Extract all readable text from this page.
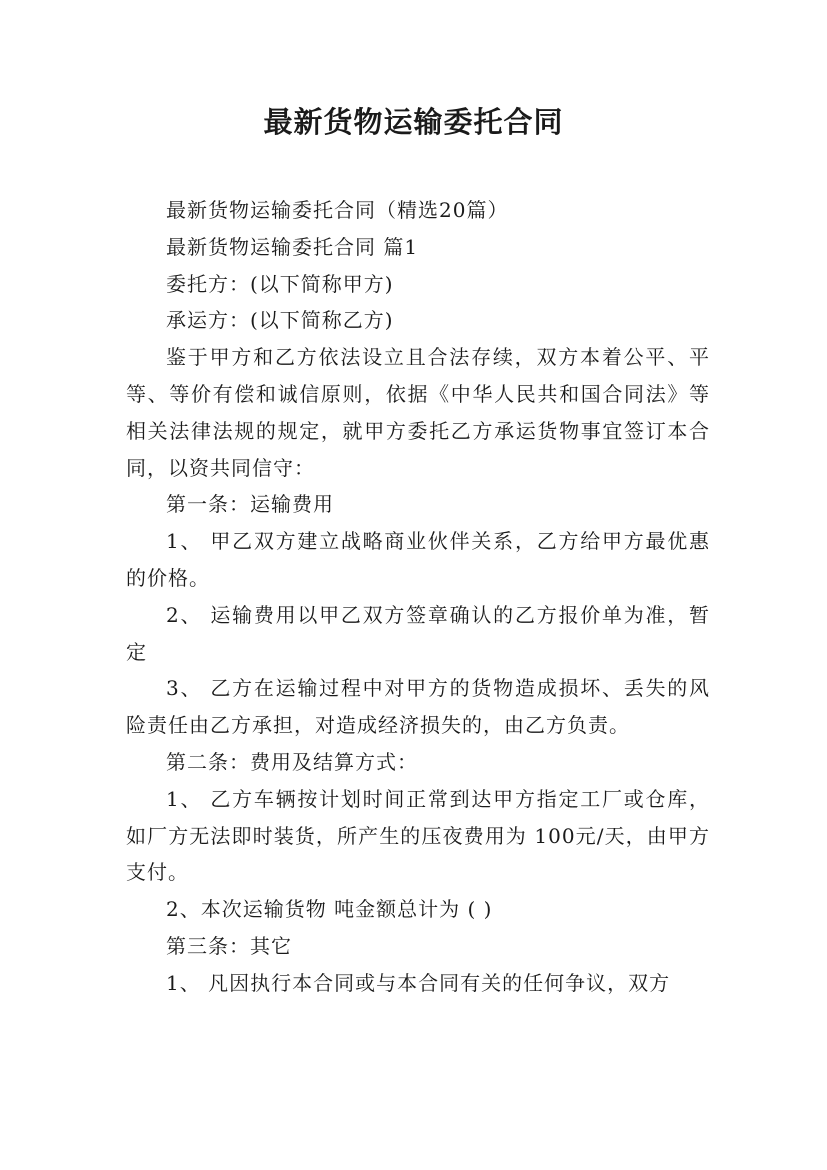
最新货物运输委托合同

最新货物运输委托合同（精选20篇）

最新货物运输委托合同 篇1

委托方：(以下简称甲方)

承运方：(以下简称乙方)

鉴于甲方和乙方依法设立且合法存续，双方本着公平、平等、等价有偿和诚信原则，依据《中华人民共和国合同法》等相关法律法规的规定，就甲方委托乙方承运货物事宜签订本合同，以资共同信守：

第一条：运输费用

1、 甲乙双方建立战略商业伙伴关系，乙方给甲方最优惠的价格。

2、 运输费用以甲乙双方签章确认的乙方报价单为准，暂定

3、 乙方在运输过程中对甲方的货物造成损坏、丢失的风险责任由乙方承担，对造成经济损失的，由乙方负责。

第二条：费用及结算方式：

1、 乙方车辆按计划时间正常到达甲方指定工厂或仓库，如厂方无法即时装货，所产生的压夜费用为 100元/天，由甲方支付。

2、本次运输货物 吨金额总计为 ( )

第三条：其它

1、 凡因执行本合同或与本合同有关的任何争议，双方
